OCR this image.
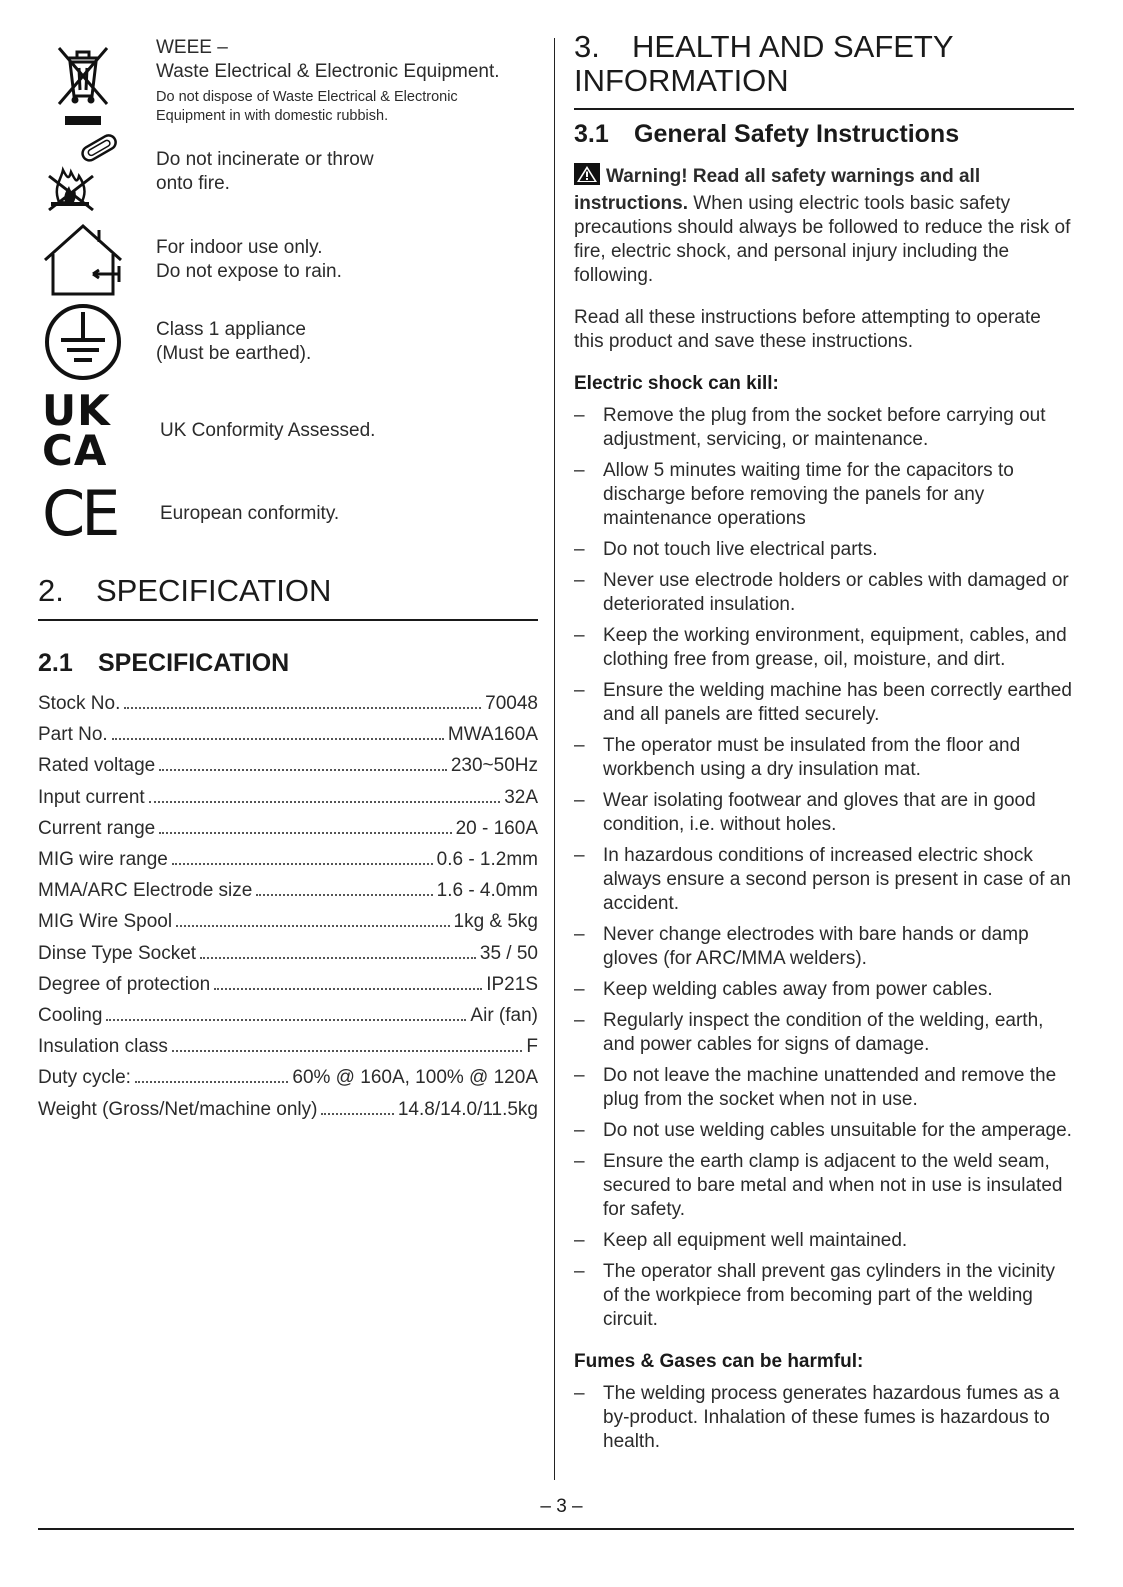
WEEE –
Waste Electrical & Electronic Equipment.
Do not dispose of Waste Electrical & Electronic
Equipment in with domestic rubbish.
Do not incinerate or throw
onto fire.
For indoor use only.
Do not expose to rain.
Class 1 appliance
(Must be earthed).
UK
CA	UK Conformity Assessed.
CE European conformity.
2. SPECIFICATION
2.1 SPECIFICATION
Stock No.	70048
Part No.	MWA160A
Rated voltage	230~50Hz
Input current	32A
Current range	20 - 160A
MIG wire range	0.6 - 1.2mm
MMA/ARC Electrode size	1.6 - 4.0mm
MIG Wire Spool	1kg & 5kg
Dinse Type Socket	35 / 50
Degree of protection	IP21S
Cooling	Air (fan)
Insulation class	F
Duty cycle:	60% @ 160A, 100% @ 120A
Weight (Gross/Net/machine only)	14.8/14.0/11.5kg
3. HEALTH AND SAFETY
INFORMATION
3.1 General Safety Instructions
Warning! Read all safety warnings and all instructions. When using electric tools basic safety precautions should always be followed to reduce the risk of fire, electric shock, and personal injury including the following.
Read all these instructions before attempting to operate this product and save these instructions.
Electric shock can kill:
– Remove the plug from the socket before carrying out adjustment, servicing, or maintenance.
– Allow 5 minutes waiting time for the capacitors to discharge before removing the panels for any maintenance operations
– Do not touch live electrical parts.
– Never use electrode holders or cables with damaged or deteriorated insulation.
– Keep the working environment, equipment, cables, and clothing free from grease, oil, moisture, and dirt.
– Ensure the welding machine has been correctly earthed and all panels are fitted securely.
– The operator must be insulated from the floor and workbench using a dry insulation mat.
– Wear isolating footwear and gloves that are in good condition, i.e. without holes.
– In hazardous conditions of increased electric shock always ensure a second person is present in case of an accident.
– Never change electrodes with bare hands or damp gloves (for ARC/MMA welders).
– Keep welding cables away from power cables.
– Regularly inspect the condition of the welding, earth, and power cables for signs of damage.
– Do not leave the machine unattended and remove the plug from the socket when not in use.
– Do not use welding cables unsuitable for the amperage.
– Ensure the earth clamp is adjacent to the weld seam, secured to bare metal and when not in use is insulated for safety.
– Keep all equipment well maintained.
– The operator shall prevent gas cylinders in the vicinity of the workpiece from becoming part of the welding circuit.
Fumes & Gases can be harmful:
– The welding process generates hazardous fumes as a by-product. Inhalation of these fumes is hazardous to health.
– 3 –
